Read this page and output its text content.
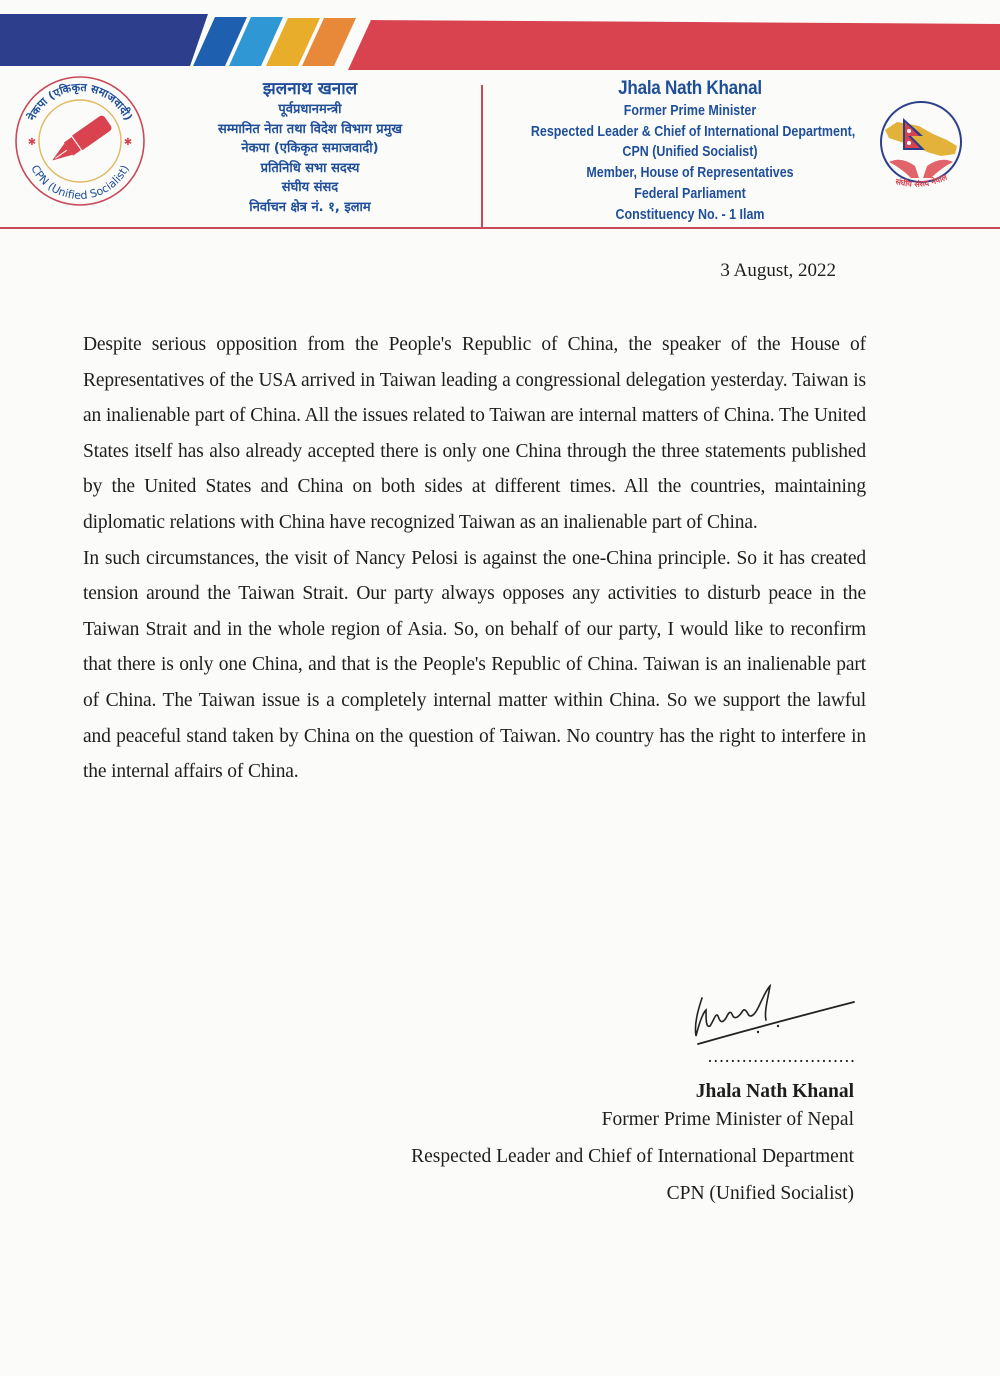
नेकपा (एकिकृत समाजवादी)
CPN (Unified Socialist)
✱	✱
झलनाथ खनाल
पूर्वप्रधानमन्त्री
सम्मानित नेता तथा विदेश विभाग प्रमुख
नेकपा (एकिकृत समाजवादी)
प्रतिनिधि सभा सदस्य
संघीय संसद
निर्वाचन क्षेत्र नं. १, इलाम
Jhala Nath Khanal
Former Prime Minister
Respected Leader & Chief of International Department,
CPN (Unified Socialist)
Member, House of Representatives
Federal Parliament
Constituency No. - 1 Ilam
संघीय संसद नेपाल
3 August, 2022

Despite serious opposition from the People's Republic of China, the speaker of the House of Representatives of the USA arrived in Taiwan leading a congressional delegation yesterday. Taiwan is an inalienable part of China. All the issues related to Taiwan are internal matters of China. The United States itself has also already accepted there is only one China through the three statements published by the United States and China on both sides at different times. All the countries, maintaining diplomatic relations with China have recognized Taiwan as an inalienable part of China.

In such circumstances, the visit of Nancy Pelosi is against the one-China principle. So it has created tension around the Taiwan Strait. Our party always opposes any activities to disturb peace in the Taiwan Strait and in the whole region of Asia. So, on behalf of our party, I would like to reconfirm that there is only one China, and that is the People's Republic of China. Taiwan is an inalienable part of China. The Taiwan issue is a completely internal matter within China. So we support the lawful and peaceful stand taken by China on the question of Taiwan. No country has the right to interfere in the internal affairs of China.

..........................
Jhala Nath Khanal
Former Prime Minister of Nepal
Respected Leader and Chief of International Department
CPN (Unified Socialist)
